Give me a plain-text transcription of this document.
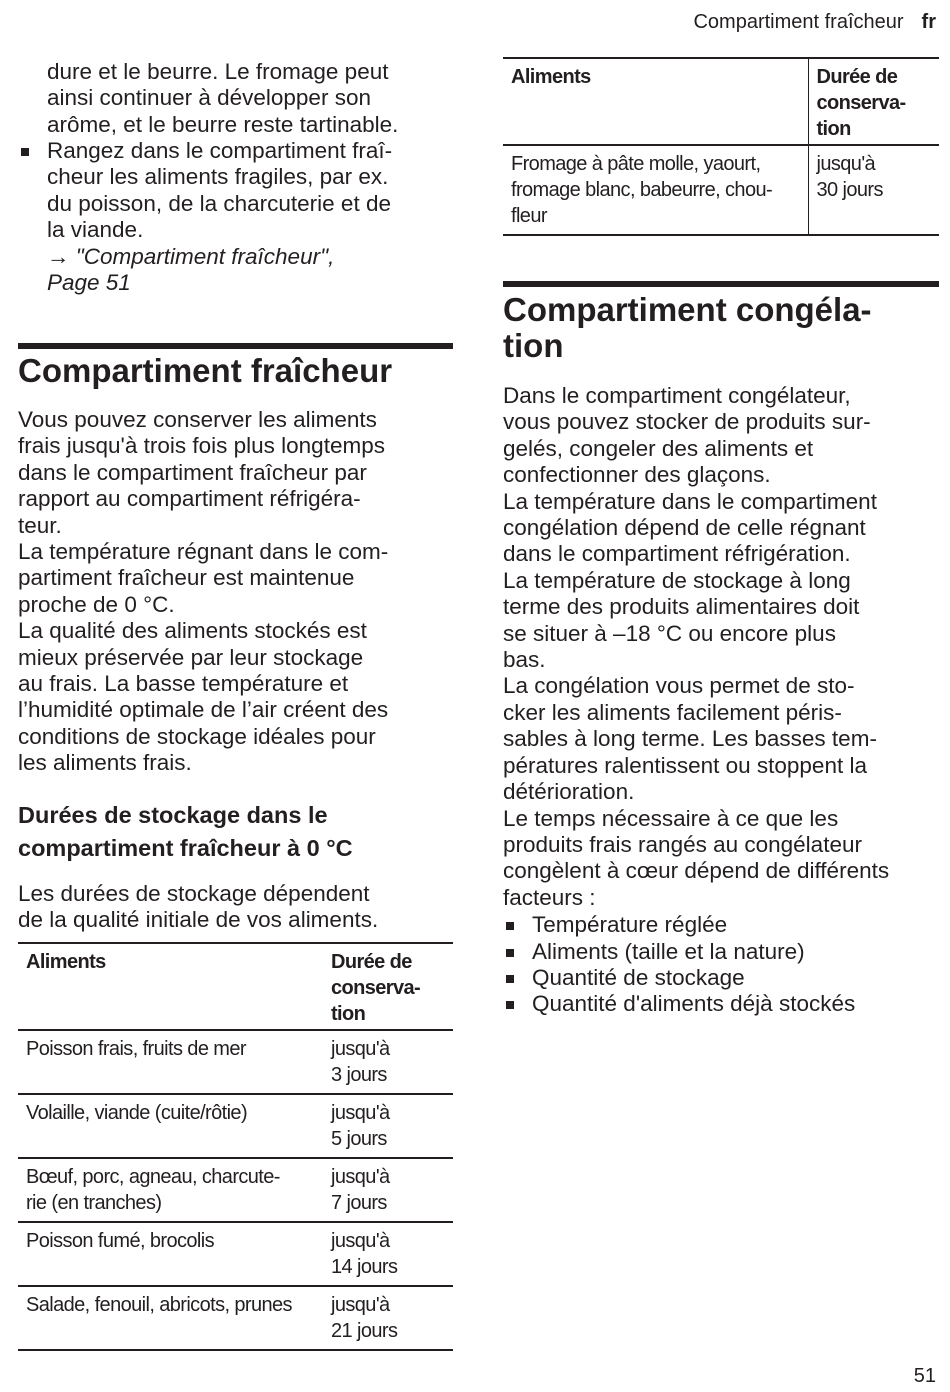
Compartiment fraîcheur fr

dure et le beurre. Le fromage peut
ainsi continuer à développer son
arôme, et le beurre reste tartinable.

Rangez dans le compartiment fraî-
cheur les aliments fragiles, par ex.
du poisson, de la charcuterie et de
la viande.
→ "Compartiment fraîcheur",
Page 51
Compartiment fraîcheur

Vous pouvez conserver les aliments
frais jusqu'à trois fois plus longtemps
dans le compartiment fraîcheur par
rapport au compartiment réfrigéra-
teur.

La température régnant dans le com-
partiment fraîcheur est maintenue
proche de 0 °C.

La qualité des aliments stockés est
mieux préservée par leur stockage
au frais. La basse température et
l’humidité optimale de l’air créent des
conditions de stockage idéales pour
les aliments frais.

Durées de stockage dans le
compartiment fraîcheur à 0 °C

Les durées de stockage dépendent
de la qualité initiale de vos aliments.

Aliments	Durée de
conserva-
tion
Poisson frais, fruits de mer	jusqu'à
3 jours
Volaille, viande (cuite/rôtie)	jusqu'à
5 jours
Bœuf, porc, agneau, charcute-
rie (en tranches)	jusqu'à
7 jours
Poisson fumé, brocolis	jusqu'à
14 jours
Salade, fenouil, abricots, prunes	jusqu'à
21 jours
Aliments	Durée de
conserva-
tion
Fromage à pâte molle, yaourt,
fromage blanc, babeurre, chou-
fleur	jusqu'à
30 jours
Compartiment congéla-
tion

Dans le compartiment congélateur,
vous pouvez stocker de produits sur-
gelés, congeler des aliments et
confectionner des glaçons.

La température dans le compartiment
congélation dépend de celle régnant
dans le compartiment réfrigération.

La température de stockage à long
terme des produits alimentaires doit
se situer à –18 °C ou encore plus
bas.

La congélation vous permet de sto-
cker les aliments facilement péris-
sables à long terme. Les basses tem-
pératures ralentissent ou stoppent la
détérioration.

Le temps nécessaire à ce que les
produits frais rangés au congélateur
congèlent à cœur dépend de différents
facteurs :

Température réglée
Aliments (taille et la nature)
Quantité de stockage
Quantité d'aliments déjà stockés
51
